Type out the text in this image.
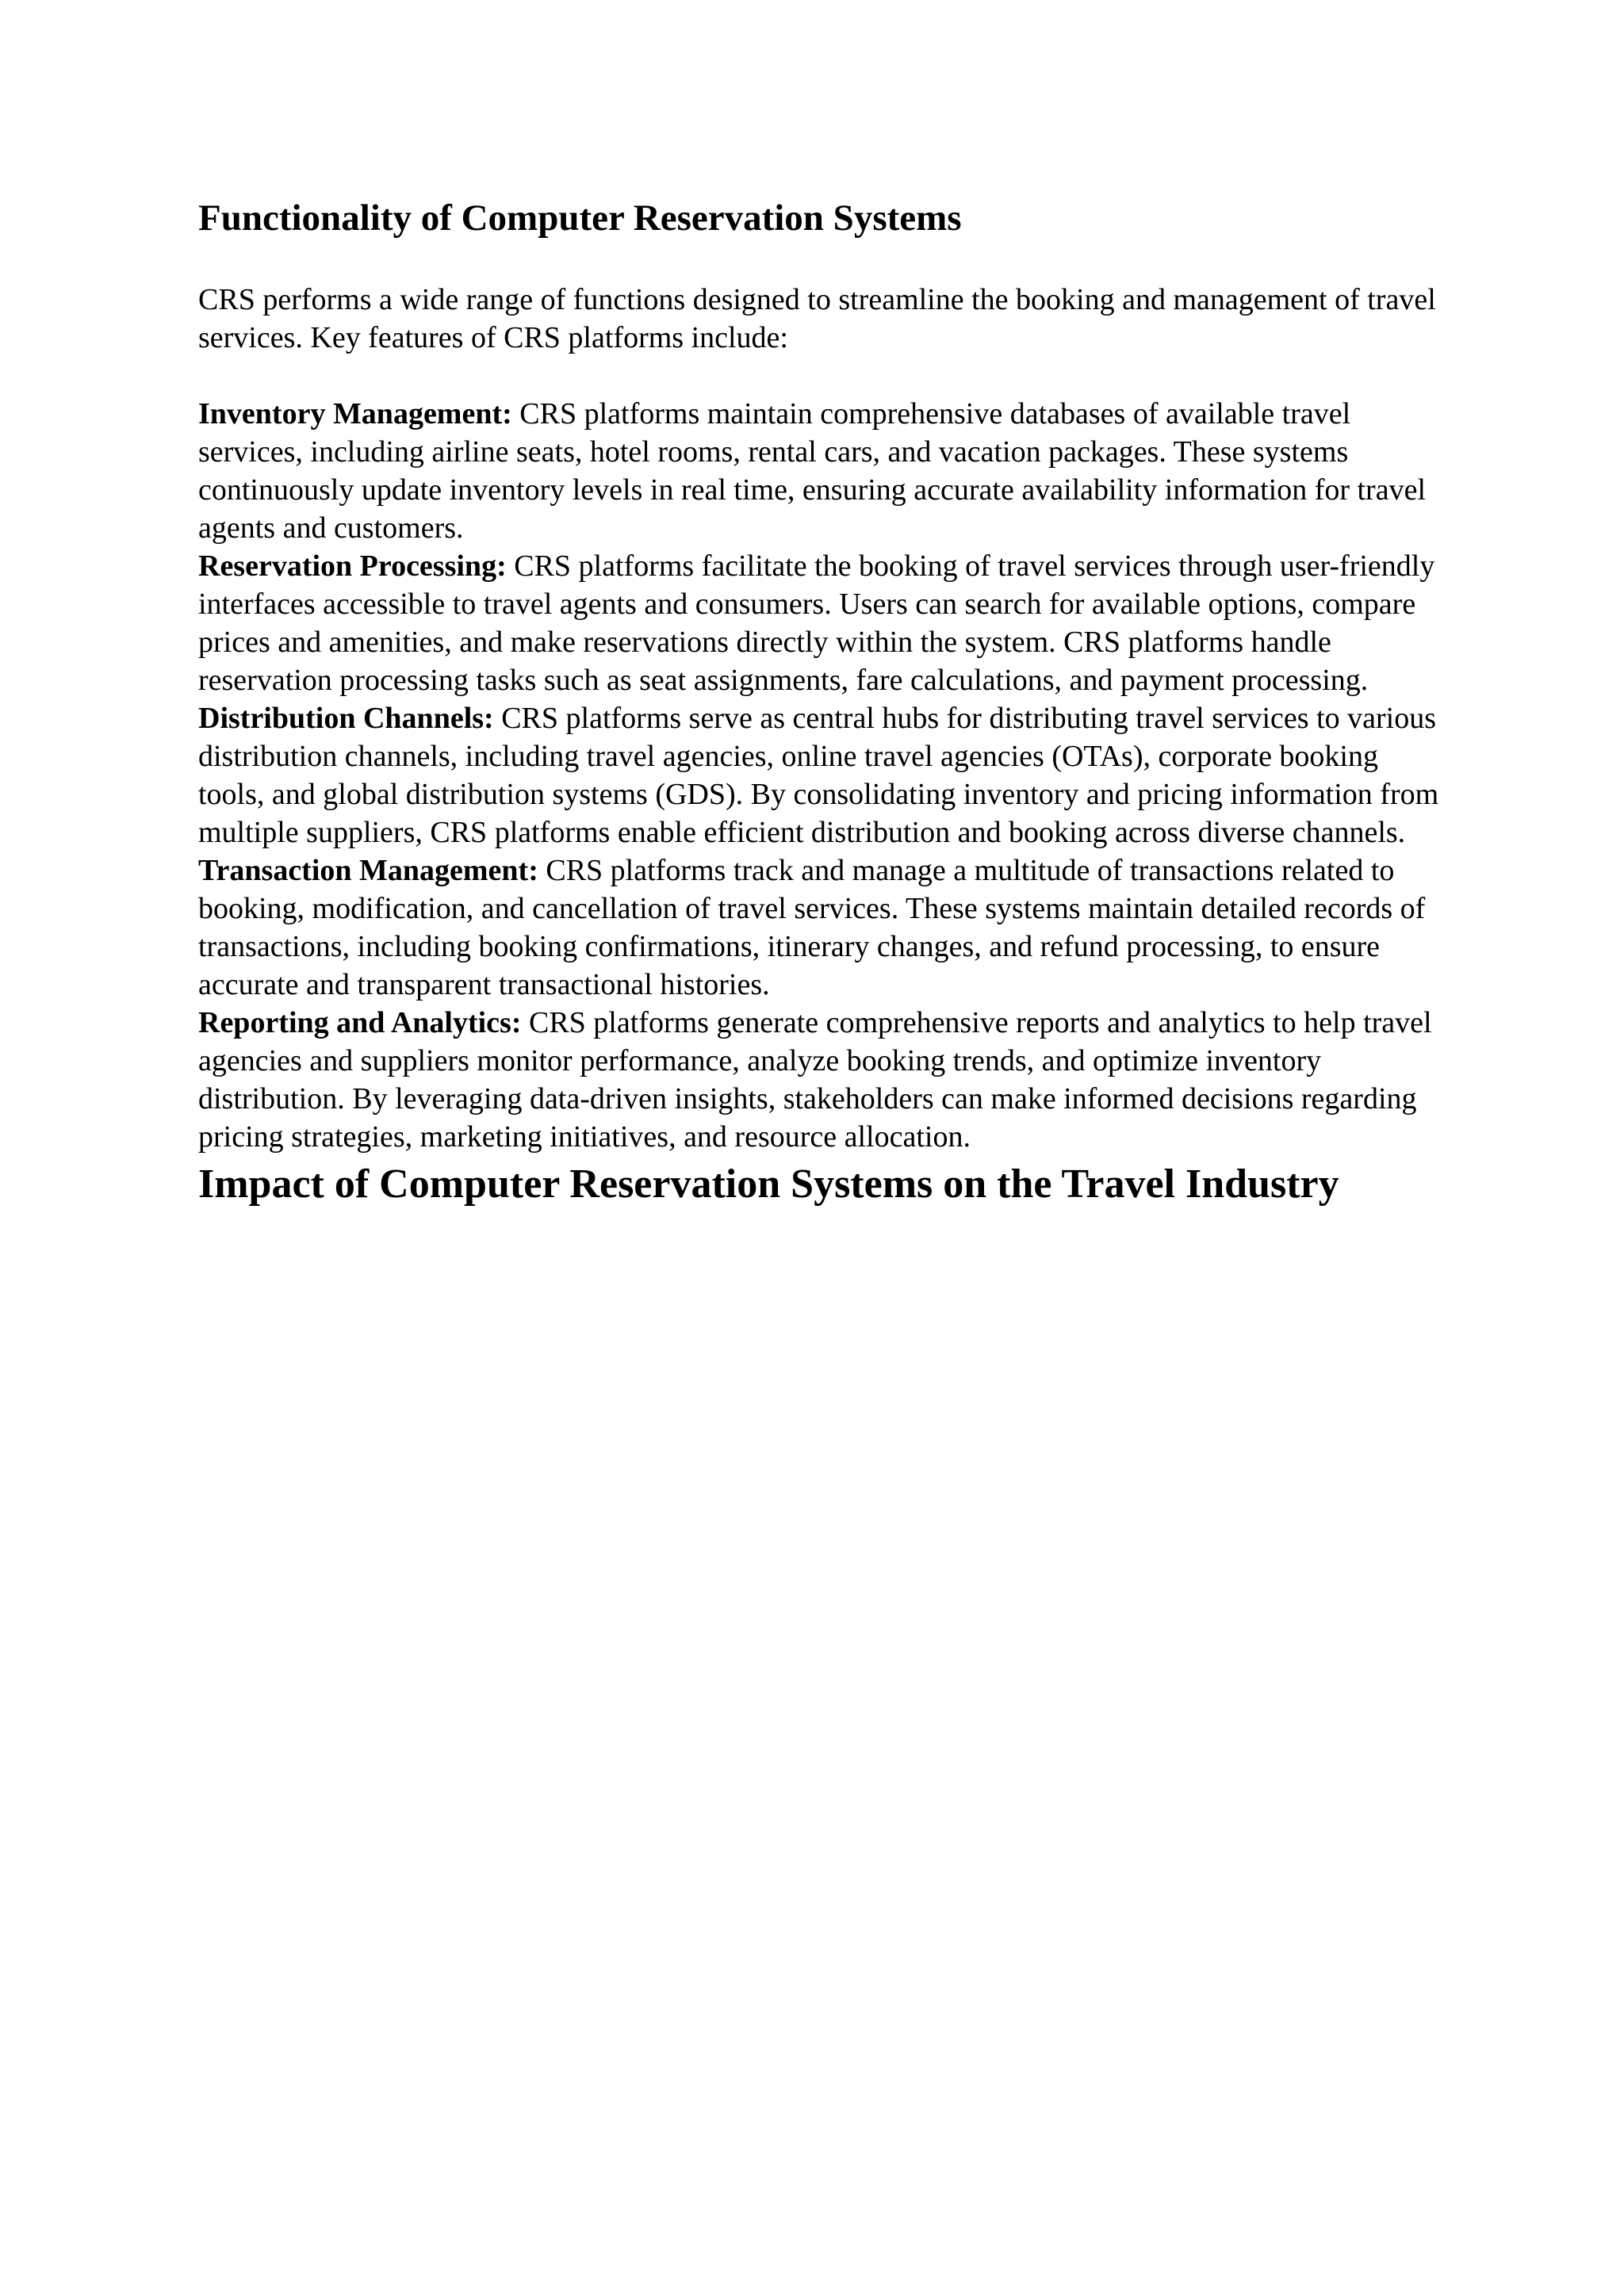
Functionality of Computer Reservation Systems

CRS performs a wide range of functions designed to streamline the booking and management of travel services. Key features of CRS platforms include:

Inventory Management: CRS platforms maintain comprehensive databases of available travel services, including airline seats, hotel rooms, rental cars, and vacation packages. These systems continuously update inventory levels in real time, ensuring accurate availability information for travel agents and customers.

Reservation Processing: CRS platforms facilitate the booking of travel services through user-friendly interfaces accessible to travel agents and consumers. Users can search for available options, compare prices and amenities, and make reservations directly within the system. CRS platforms handle reservation processing tasks such as seat assignments, fare calculations, and payment processing.

Distribution Channels: CRS platforms serve as central hubs for distributing travel services to various distribution channels, including travel agencies, online travel agencies (OTAs), corporate booking tools, and global distribution systems (GDS). By consolidating inventory and pricing information from multiple suppliers, CRS platforms enable efficient distribution and booking across diverse channels.

Transaction Management: CRS platforms track and manage a multitude of transactions related to booking, modification, and cancellation of travel services. These systems maintain detailed records of transactions, including booking confirmations, itinerary changes, and refund processing, to ensure accurate and transparent transactional histories.

Reporting and Analytics: CRS platforms generate comprehensive reports and analytics to help travel agencies and suppliers monitor performance, analyze booking trends, and optimize inventory distribution. By leveraging data-driven insights, stakeholders can make informed decisions regarding pricing strategies, marketing initiatives, and resource allocation.

Impact of Computer Reservation Systems on the Travel Industry
